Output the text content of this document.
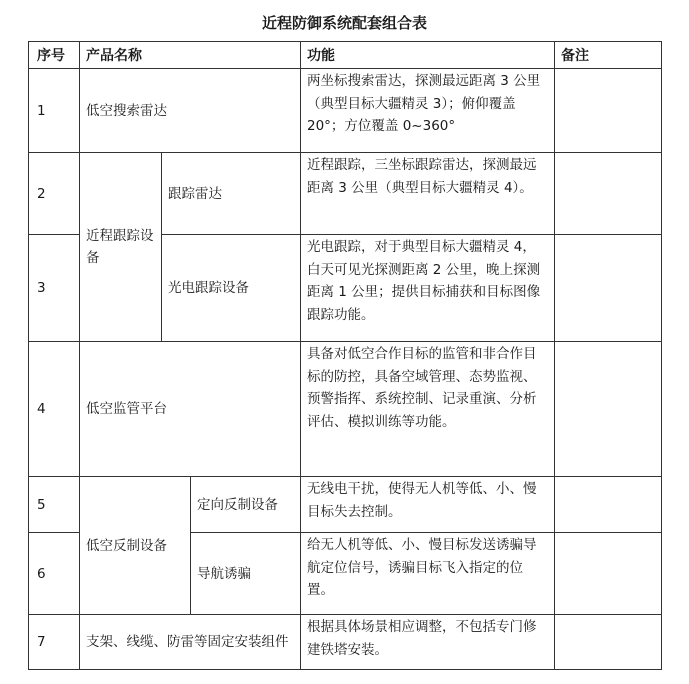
近程防御系统配套组合表
序号	产品名称			功能	备注
1	低空搜索雷达			两坐标搜索雷达，探测最远距离 3 公里（典型目标大疆精灵 3）；俯仰覆盖 20°；方位覆盖 0~360°	
2	近程跟踪设备	跟踪雷达		近程跟踪，三坐标跟踪雷达，探测最远距离 3 公里（典型目标大疆精灵 4）。	
3		光电跟踪设备		光电跟踪，对于典型目标大疆精灵 4，白天可见光探测距离 2 公里，晚上探测距离 1 公里；提供目标捕获和目标图像跟踪功能。	
4	低空监管平台			具备对低空合作目标的监管和非合作目标的防控，具备空域管理、态势监视、预警指挥、系统控制、记录重演、分析评估、模拟训练等功能。	
5	低空反制设备		定向反制设备	无线电干扰，使得无人机等低、小、慢目标失去控制。	
6			导航诱骗	给无人机等低、小、慢目标发送诱骗导航定位信号，诱骗目标飞入指定的位置。	
7	支架、线缆、防雷等固定安装组件			根据具体场景相应调整，不包括专门修建铁塔安装。	
